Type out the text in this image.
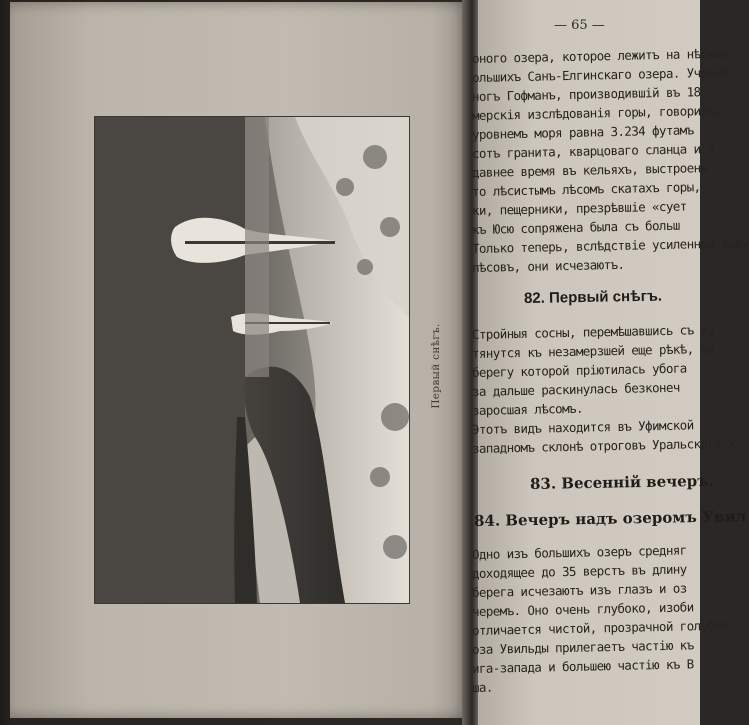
Первый снѣгъ.
— 65 —
оного озера, которое лежитъ на нѣскол
ольшихъ Санъ-Елгинскаго озера. Ученый
ногъ Гофманъ, производившій въ 18
мерскія изслѣдованія горы, говоритъ,
уровнемъ моря равна 3.234 футамъ
сотъ гранита, кварцоваго сланца и н
давнее время въ кельяхъ, выстроенн
то лѣсистымъ лѣсомъ скатахъ горы,
ки, пещерники, презрѣвшіе «сует
къ Юсю сопряжена была съ больш
Только теперь, вслѣдствіе усиленной выру
лѣсовъ, они исчезаютъ.
82. Первый снѣгъ.
Стройныя сосны, перемѣшавшись съ ку
тянутся къ незамерзшей еще рѣкѣ, на
берегу которой пріютилась убога
за дальше раскинулась безконеч
заросшая лѣсомъ.
Этотъ видъ находится въ Уфимской
западномъ склонѣ отроговъ Уральскаго х
83. Весенній вечеръ.
84. Вечеръ надъ озеромъ Увил
Одно изъ большихъ озеръ средняг
доходящее до 35 верстъ въ длину
берега исчезаютъ изъ глазъ и оз
черемъ. Оно очень глубоко, изоби
отличается чистой, прозрачной голубой
оза Увильды прилегаетъ частію къ
ига-запада и большею частію къ В
ша.
